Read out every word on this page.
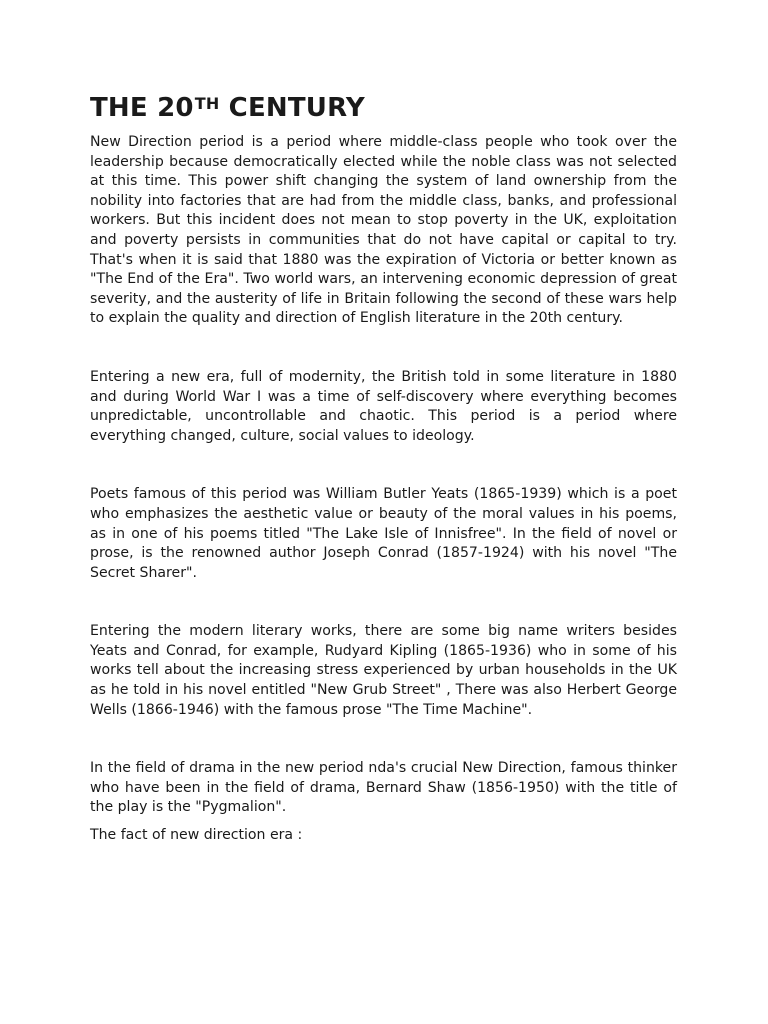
THE 20TH CENTURY

New Direction period is a period where middle-class people who took over the leadership because democratically elected while the noble class was not selected at this time. This power shift changing the system of land ownership from the nobility into factories that are had from the middle class, banks, and professional workers. But this incident does not mean to stop poverty in the UK, exploitation and poverty persists in communities that do not have capital or capital to try. That's when it is said that 1880 was the expiration of Victoria or better known as "The End of the Era". Two world wars, an intervening economic depression of great severity, and the austerity of life in Britain following the second of these wars help to explain the quality and direction of English literature in the 20th century.

Entering a new era, full of modernity, the British told in some literature in 1880 and during World War I was a time of self-discovery where everything becomes unpredictable, uncontrollable and chaotic. This period is a period where everything changed, culture, social values to ideology.

Poets famous of this period was William Butler Yeats (1865-1939) which is a poet who emphasizes the aesthetic value or beauty of the moral values in his poems, as in one of his poems titled "The Lake Isle of Innisfree". In the field of novel or prose, is the renowned author Joseph Conrad (1857-1924) with his novel "The Secret Sharer".

Entering the modern literary works, there are some big name writers besides Yeats and Conrad, for example, Rudyard Kipling (1865-1936) who in some of his works tell about the increasing stress experienced by urban households in the UK as he told in his novel entitled "New Grub Street" , There was also Herbert George Wells (1866-1946) with the famous prose "The Time Machine".

In the field of drama in the new period nda's crucial New Direction, famous thinker who have been in the field of drama, Bernard Shaw (1856-1950) with the title of the play is the "Pygmalion".

The fact of new direction era :
